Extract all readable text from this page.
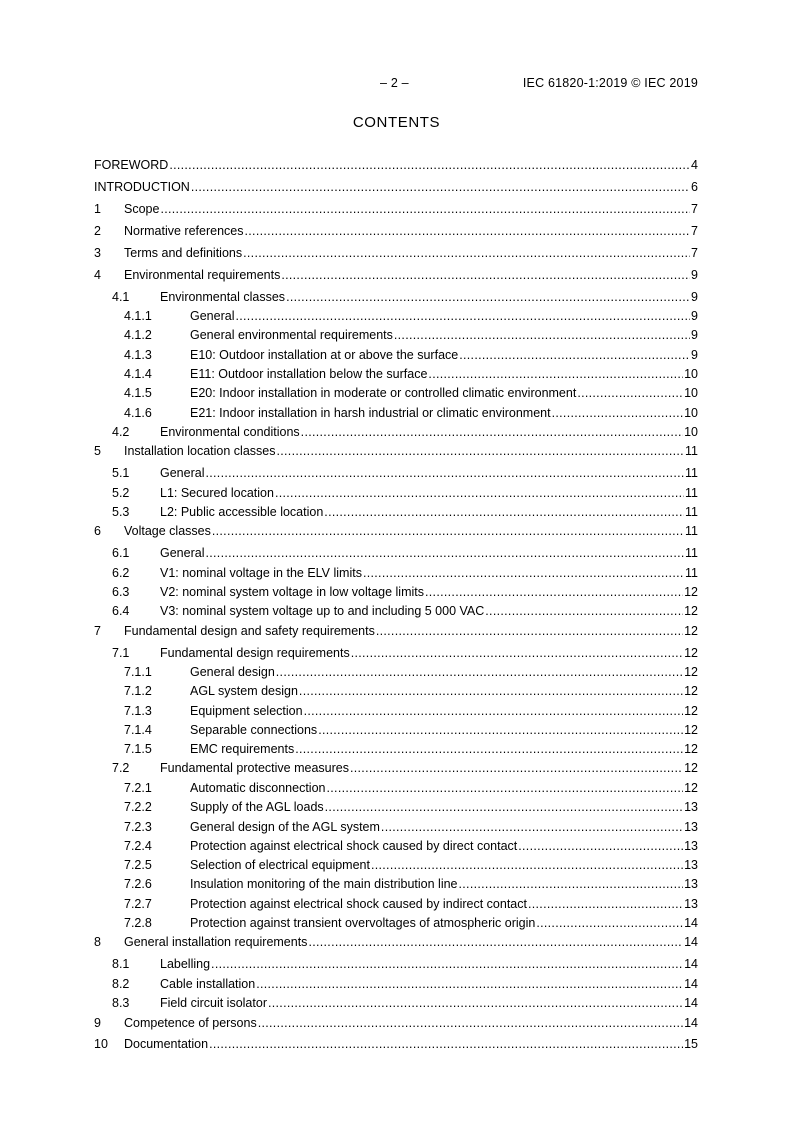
– 2 –	IEC 61820-1:2019 © IEC 2019
CONTENTS
FOREWORD .....	4
INTRODUCTION .....	6
1	Scope .....	7
2	Normative references .....	7
3	Terms and definitions .....	7
4	Environmental requirements .....	9
4.1	Environmental classes .....	9
4.1.1	General .....	9
4.1.2	General environmental requirements .....	9
4.1.3	E10: Outdoor installation at or above the surface .....	9
4.1.4	E11: Outdoor installation below the surface .....	10
4.1.5	E20: Indoor installation in moderate or controlled climatic environment .....	10
4.1.6	E21: Indoor installation in harsh industrial or climatic environment .....	10
4.2	Environmental conditions .....	10
5	Installation location classes .....	11
5.1	General .....	11
5.2	L1: Secured location .....	11
5.3	L2: Public accessible location .....	11
6	Voltage classes .....	11
6.1	General .....	11
6.2	V1: nominal voltage in the ELV limits .....	11
6.3	V2: nominal system voltage in low voltage limits .....	12
6.4	V3: nominal system voltage up to and including 5 000 VAC .....	12
7	Fundamental design and safety requirements .....	12
7.1	Fundamental design requirements .....	12
7.1.1	General design .....	12
7.1.2	AGL system design .....	12
7.1.3	Equipment selection .....	12
7.1.4	Separable connections .....	12
7.1.5	EMC requirements .....	12
7.2	Fundamental protective measures .....	12
7.2.1	Automatic disconnection .....	12
7.2.2	Supply of the AGL loads .....	13
7.2.3	General design of the AGL system .....	13
7.2.4	Protection against electrical shock caused by direct contact .....	13
7.2.5	Selection of electrical equipment .....	13
7.2.6	Insulation monitoring of the main distribution line .....	13
7.2.7	Protection against electrical shock caused by indirect contact .....	13
7.2.8	Protection against transient overvoltages of atmospheric origin .....	14
8	General installation requirements .....	14
8.1	Labelling .....	14
8.2	Cable installation .....	14
8.3	Field circuit isolator .....	14
9	Competence of persons .....	14
10	Documentation .....	15
